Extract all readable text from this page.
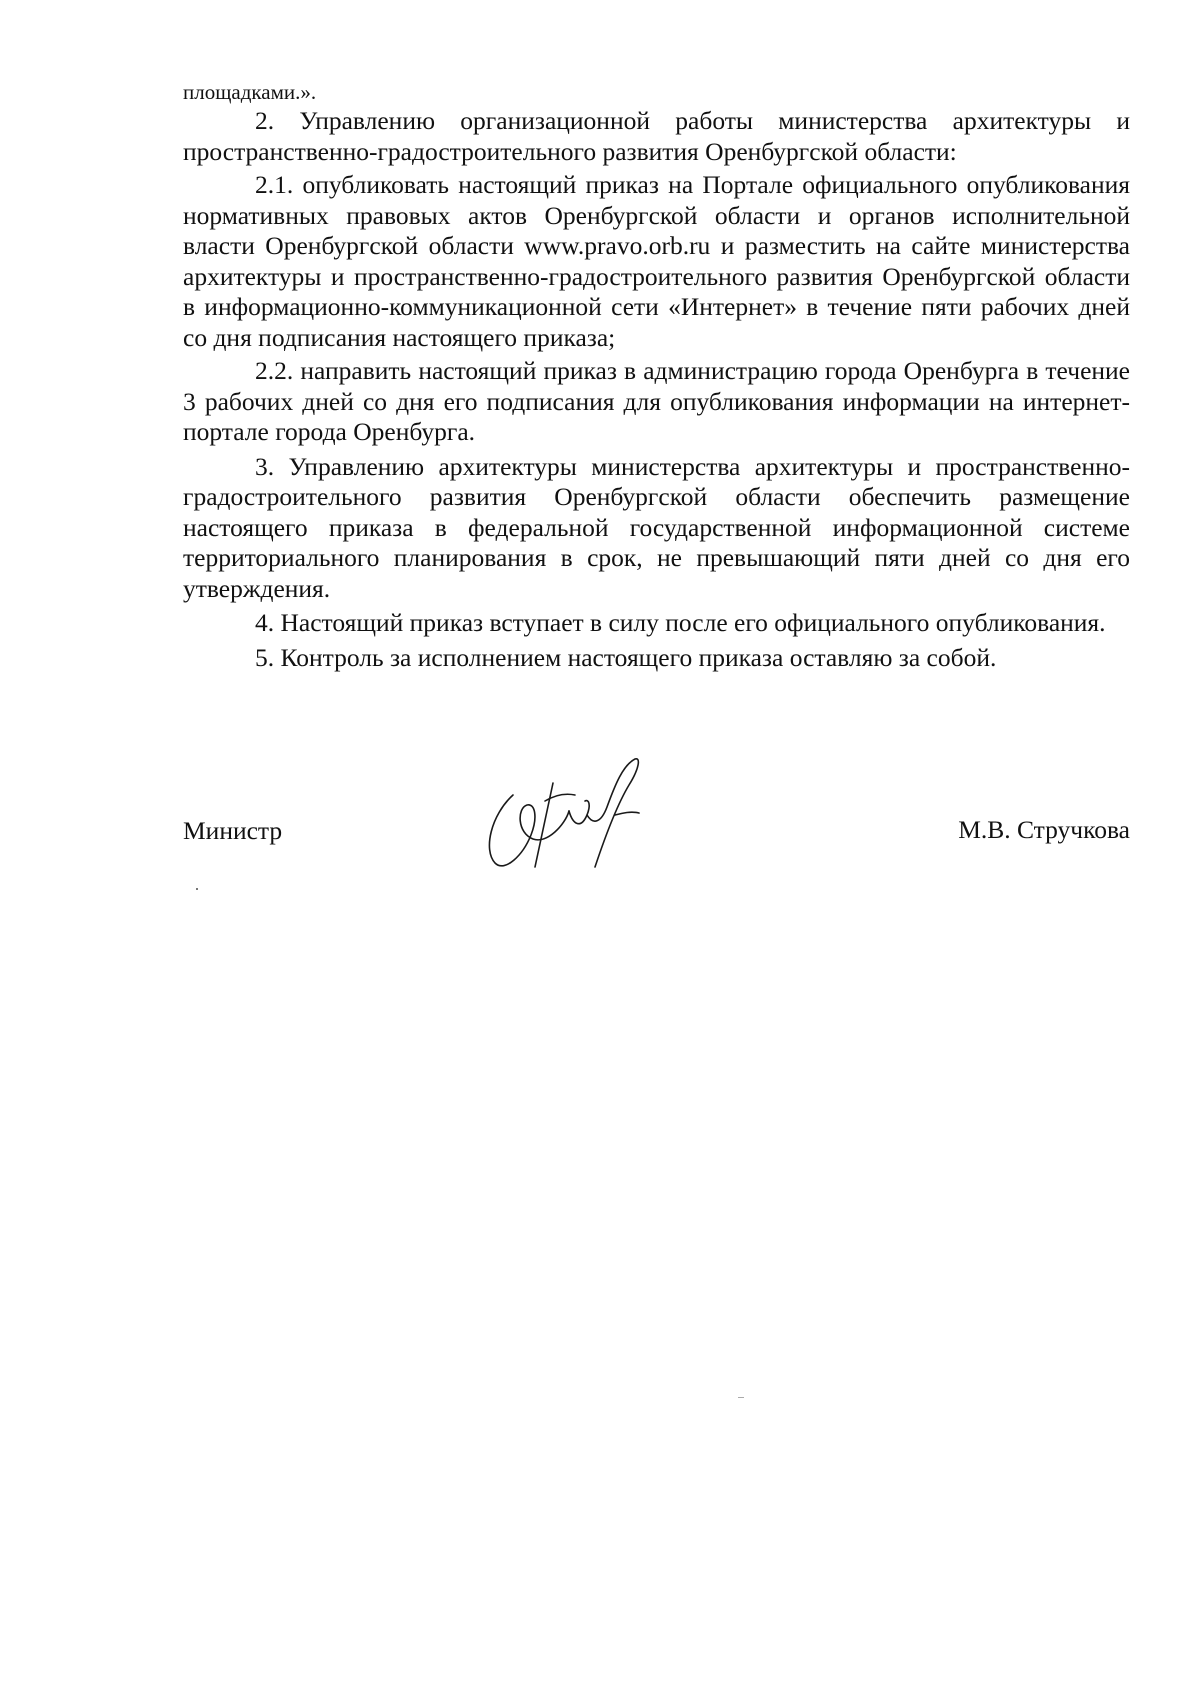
площадками.».

2. Управлению организационной работы министерства архитектуры и пространственно-градостроительного развития Оренбургской области:

2.1. опубликовать настоящий приказ на Портале официального опубликования нормативных правовых актов Оренбургской области и органов исполнительной власти Оренбургской области www.pravo.orb.ru и разместить на сайте министерства архитектуры и пространственно-градостроительного развития Оренбургской области в информационно-коммуникационной сети «Интернет» в течение пяти рабочих дней со дня подписания настоящего приказа;

2.2. направить настоящий приказ в администрацию города Оренбурга в течение 3 рабочих дней со дня его подписания для опубликования информации на интернет-портале города Оренбурга.

3. Управлению архитектуры министерства архитектуры и пространственно-градостроительного развития Оренбургской области обеспечить размещение настоящего приказа в федеральной государственной информационной системе территориального планирования в срок, не превышающий пяти дней со дня его утверждения.

4. Настоящий приказ вступает в силу после его официального опубликования.

5. Контроль за исполнением настоящего приказа оставляю за собой.

Министр	М.В. Стручкова
